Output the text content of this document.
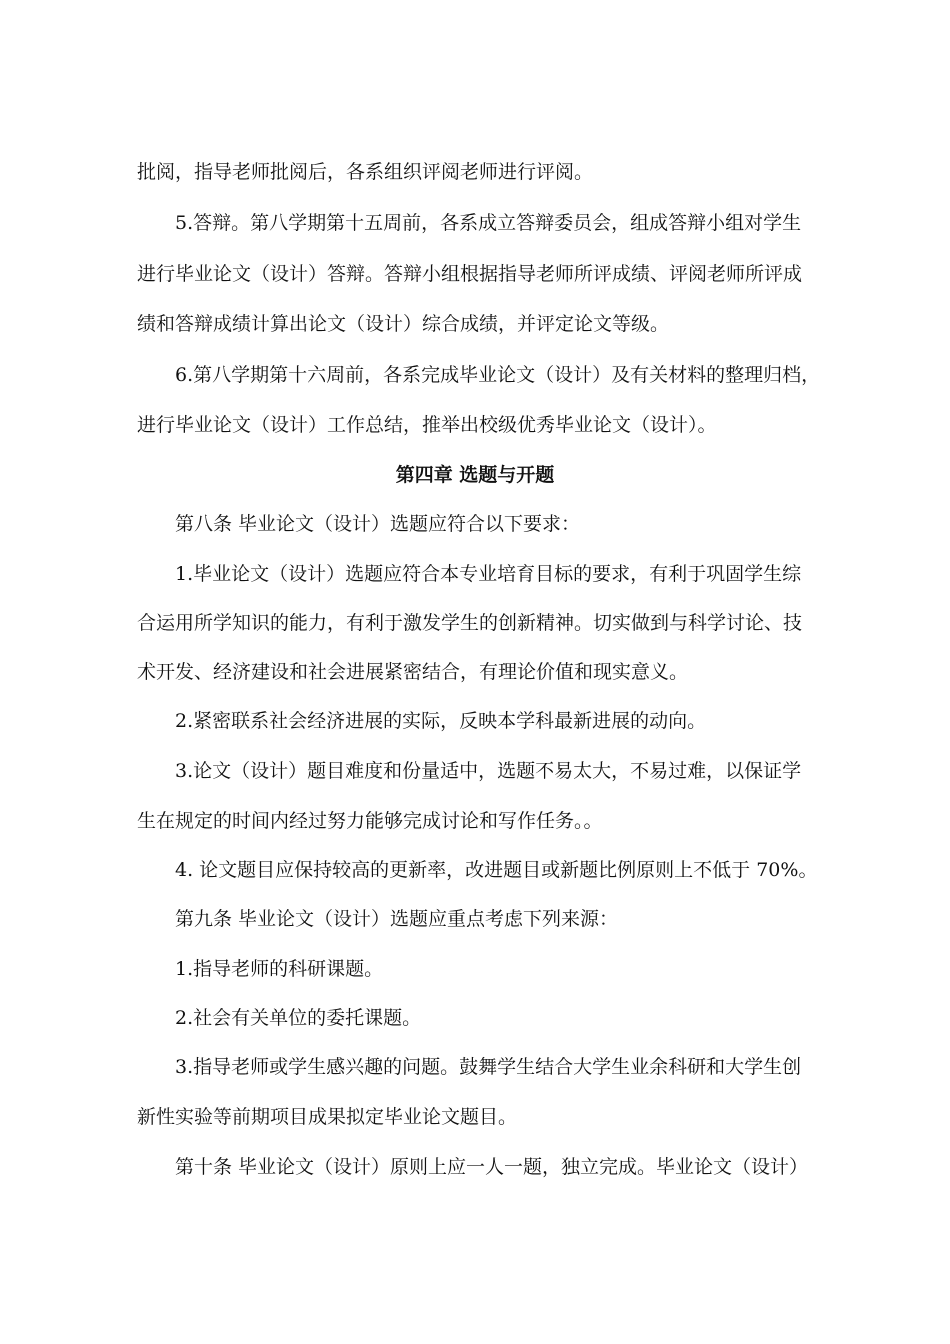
批阅，指导老师批阅后，各系组织评阅老师进行评阅。
5.答辩。第八学期第十五周前，各系成立答辩委员会，组成答辩小组对学生
进行毕业论文（设计）答辩。答辩小组根据指导老师所评成绩、评阅老师所评成
绩和答辩成绩计算出论文（设计）综合成绩，并评定论文等级。
6.第八学期第十六周前，各系完成毕业论文（设计）及有关材料的整理归档，
进行毕业论文（设计）工作总结，推举出校级优秀毕业论文（设计）。
第四章 选题与开题
第八条 毕业论文（设计）选题应符合以下要求：
1.毕业论文（设计）选题应符合本专业培育目标的要求，有利于巩固学生综
合运用所学知识的能力，有利于激发学生的创新精神。切实做到与科学讨论、技
术开发、经济建设和社会进展紧密结合，有理论价值和现实意义。
2.紧密联系社会经济进展的实际，反映本学科最新进展的动向。
3.论文（设计）题目难度和份量适中，选题不易太大，不易过难，以保证学
生在规定的时间内经过努力能够完成讨论和写作任务。。
4. 论文题目应保持较高的更新率，改进题目或新题比例原则上不低于 70%。
第九条 毕业论文（设计）选题应重点考虑下列来源：
1.指导老师的科研课题。
2.社会有关单位的委托课题。
3.指导老师或学生感兴趣的问题。鼓舞学生结合大学生业余科研和大学生创
新性实验等前期项目成果拟定毕业论文题目。
第十条 毕业论文（设计）原则上应一人一题，独立完成。毕业论文（设计）
